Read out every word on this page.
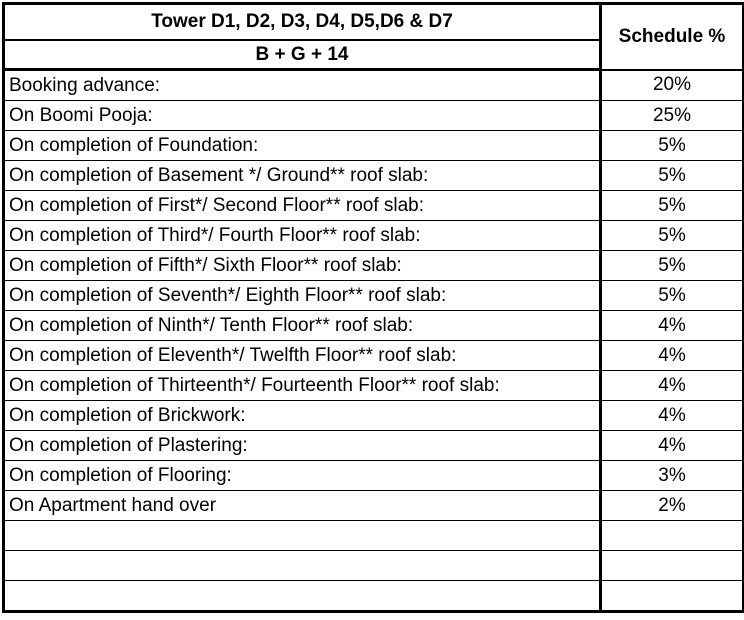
Tower D1, D2, D3, D4, D5,D6 & D7	Schedule %
B + G + 14	
Booking advance:	20%
On Boomi Pooja:	25%
On completion of Foundation:	5%
On completion of Basement */ Ground** roof slab:	5%
On completion of First*/ Second Floor** roof slab:	5%
On completion of Third*/ Fourth Floor** roof slab:	5%
On completion of Fifth*/ Sixth Floor** roof slab:	5%
On completion of Seventh*/ Eighth Floor** roof slab:	5%
On completion of Ninth*/ Tenth Floor** roof slab:	4%
On completion of Eleventh*/ Twelfth Floor** roof slab:	4%
On completion of Thirteenth*/ Fourteenth Floor** roof slab:	4%
On completion of Brickwork:	4%
On completion of Plastering:	4%
On completion of Flooring:	3%
On Apartment hand over	2%
